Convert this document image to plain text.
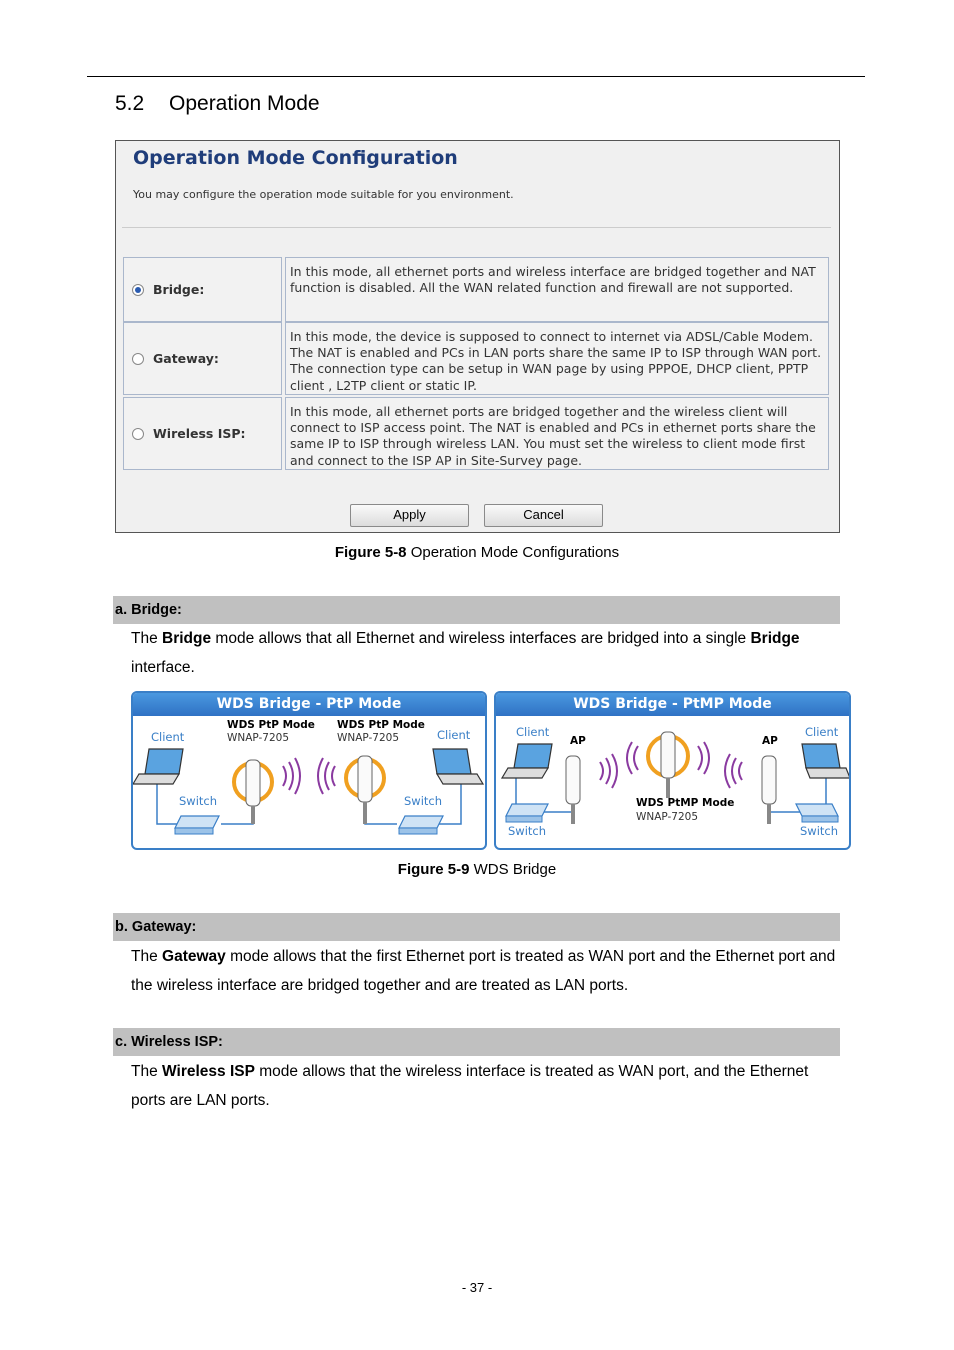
5.2 Operation Mode
Operation Mode Configuration
You may configure the operation mode suitable for you environment.
Bridge:
In this mode, all ethernet ports and wireless interface are bridged together and NAT function is disabled. All the WAN related function and firewall are not supported.
Gateway:
In this mode, the device is supposed to connect to internet via ADSL/Cable Modem. The NAT is enabled and PCs in LAN ports share the same IP to ISP through WAN port. The connection type can be setup in WAN page by using PPPOE, DHCP client, PPTP client , L2TP client or static IP.
Wireless ISP:
In this mode, all ethernet ports are bridged together and the wireless client will connect to ISP access point. The NAT is enabled and PCs in ethernet ports share the same IP to ISP through wireless LAN. You must set the wireless to client mode first and connect to the ISP AP in Site-Survey page.
Apply	Cancel
Figure 5-8 Operation Mode Configurations
a. Bridge:
The Bridge mode allows that all Ethernet and wireless interfaces are bridged into a single Bridge interface.
WDS Bridge - PtP Mode
Client	Client
Switch	Switch
WDS PtP Mode
WNAP-7205
WDS PtP Mode
WNAP-7205
WDS Bridge - PtMP Mode
Client	Client
Switch	Switch
AP	AP
WDS PtMP Mode
WNAP-7205
Figure 5-9 WDS Bridge
b. Gateway:
The Gateway mode allows that the first Ethernet port is treated as WAN port and the Ethernet port and the wireless interface are bridged together and are treated as LAN ports.
c. Wireless ISP:
The Wireless ISP mode allows that the wireless interface is treated as WAN port, and the Ethernet ports are LAN ports.
- 37 -
